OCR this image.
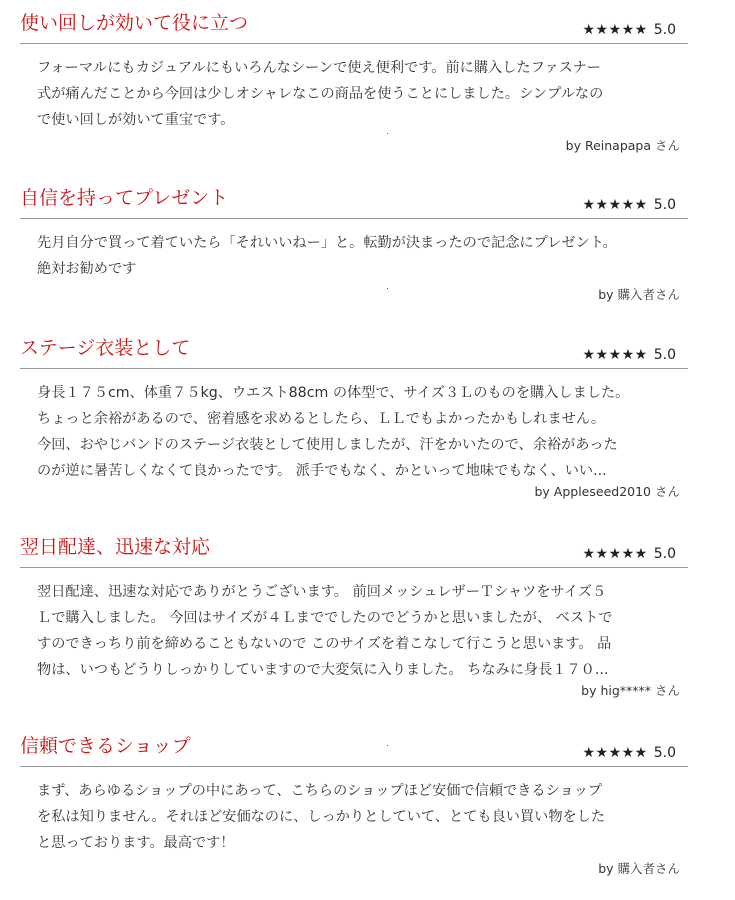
使い回しが効いて役に立つ	★★★★★ 5.0

フォーマルにもカジュアルにもいろんなシーンで使え便利です。前に購入したファスナー

式が痛んだことから今回は少しオシャレなこの商品を使うことにしました。シンプルなの

で使い回しが効いて重宝です。

by Reinapapa さん
自信を持ってプレゼント	★★★★★ 5.0

先月自分で買って着ていたら「それいいねー」と。転勤が決まったので記念にプレゼント。

絶対お勧めです

by 購入者さん
ステージ衣装として	★★★★★ 5.0

身長１７５cm、体重７５kg、ウエスト88cm の体型で、サイズ３Ｌのものを購入しました。

ちょっと余裕があるので、密着感を求めるとしたら、ＬＬでもよかったかもしれません。

今回、おやじバンドのステージ衣装として使用しましたが、汗をかいたので、余裕があった

のが逆に暑苦しくなくて良かったです。 派手でもなく、かといって地味でもなく、いい...

by Appleseed2010 さん
翌日配達、迅速な対応	★★★★★ 5.0

翌日配達、迅速な対応でありがとうございます。 前回メッシュレザーＴシャツをサイズ５

Ｌで購入しました。 今回はサイズが４Ｌまででしたのでどうかと思いましたが、 ベストで

すのできっちり前を締めることもないので このサイズを着こなして行こうと思います。 品

物は、いつもどうりしっかりしていますので大変気に入りました。 ちなみに身長１７０...

by hig***** さん
信頼できるショップ	★★★★★ 5.0

まず、あらゆるショップの中にあって、こちらのショップほど安価で信頼できるショップ

を私は知りません。それほど安価なのに、しっかりとしていて、とても良い買い物をした

と思っております。最高です！

by 購入者さん
